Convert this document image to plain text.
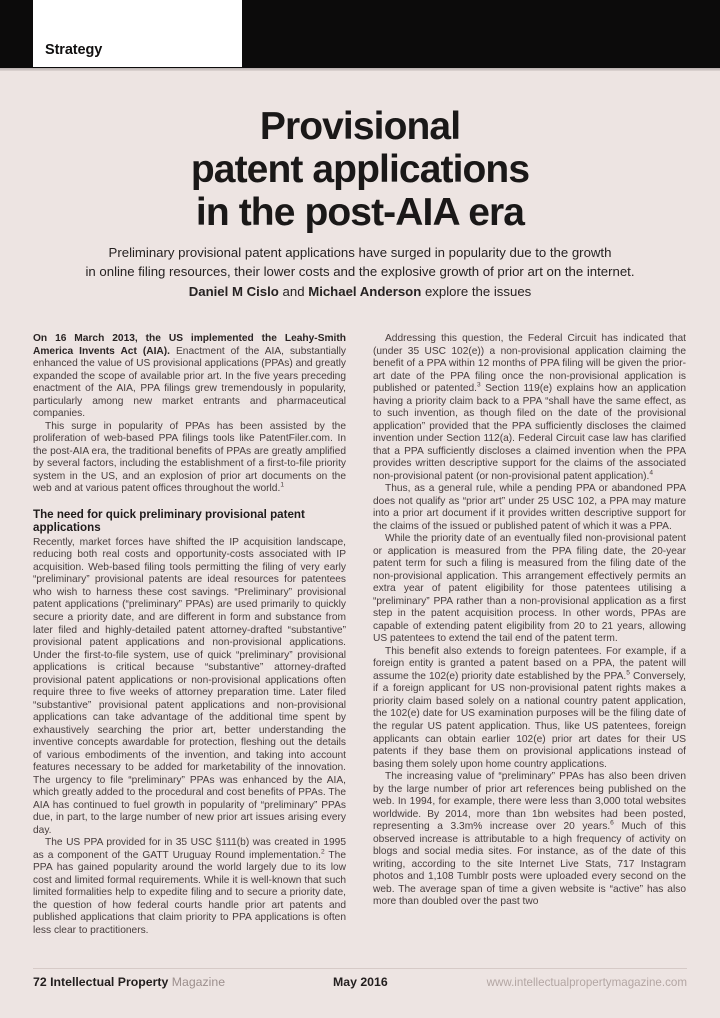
Strategy
Provisional
patent applications
in the post-AIA era
Preliminary provisional patent applications have surged in popularity due to the growth
in online filing resources, their lower costs and the explosive growth of prior art on the internet.
Daniel M Cislo and Michael Anderson explore the issues

On 16 March 2013, the US implemented the Leahy-Smith America Invents Act (AIA). Enactment of the AIA, substantially enhanced the value of US provisional applications (PPAs) and greatly expanded the scope of available prior art. In the five years preceding enactment of the AIA, PPA filings grew tremendously in popularity, particularly among new market entrants and pharmaceutical companies.

This surge in popularity of PPAs has been assisted by the proliferation of web-based PPA filings tools like PatentFiler.com. In the post-AIA era, the traditional benefits of PPAs are greatly amplified by several factors, including the establishment of a first-to-file priority system in the US, and an explosion of prior art documents on the web and at various patent offices throughout the world.$^1$

The need for quick preliminary provisional patent applications

Recently, market forces have shifted the IP acquisition landscape, reducing both real costs and opportunity-costs associated with IP acquisition. Web-based filing tools permitting the filing of very early “preliminary” provisional patents are ideal resources for patentees who wish to harness these cost savings. “Preliminary” provisional patent applications (“preliminary” PPAs) are used primarily to quickly secure a priority date, and are different in form and substance from later filed and highly-detailed patent attorney-drafted “substantive” provisional patent applications and non-provisional applications. Under the first-to-file system, use of quick “preliminary” provisional applications is critical because “substantive” attorney-drafted provisional patent applications or non-provisional applications often require three to five weeks of attorney preparation time. Later filed “substantive” provisional patent applications and non-provisional applications can take advantage of the additional time spent by exhaustively searching the prior art, better understanding the inventive concepts awardable for protection, fleshing out the details of various embodiments of the invention, and taking into account features necessary to be added for marketability of the innovation. The urgency to file “preliminary” PPAs was enhanced by the AIA, which greatly added to the procedural and cost benefits of PPAs. The AIA has continued to fuel growth in popularity of “preliminary” PPAs due, in part, to the large number of new prior art issues arising every day.

The US PPA provided for in 35 USC §111(b) was created in 1995 as a component of the GATT Uruguay Round implementation.$^2$ The PPA has gained popularity around the world largely due to its low cost and limited formal requirements. While it is well-known that such limited formalities help to expedite filing and to secure a priority date, the question of how federal courts handle prior art patents and published applications that claim priority to PPA applications is often less clear to practitioners.

Addressing this question, the Federal Circuit has indicated that (under 35 USC 102(e)) a non-provisional application claiming the benefit of a PPA within 12 months of PPA filing will be given the prior-art date of the PPA filing once the non-provisional application is published or patented.$^3$ Section 119(e) explains how an application having a priority claim back to a PPA “shall have the same effect, as to such invention, as though filed on the date of the provisional application” provided that the PPA sufficiently discloses the claimed invention under Section 112(a). Federal Circuit case law has clarified that a PPA sufficiently discloses a claimed invention when the PPA provides written descriptive support for the claims of the associated non-provisional patent (or non-provisional patent application).$^4$

Thus, as a general rule, while a pending PPA or abandoned PPA does not qualify as “prior art” under 25 USC 102, a PPA may mature into a prior art document if it provides written descriptive support for the claims of the issued or published patent of which it was a PPA.

While the priority date of an eventually filed non-provisional patent or application is measured from the PPA filing date, the 20-year patent term for such a filing is measured from the filing date of the non-provisional application. This arrangement effectively permits an extra year of patent eligibility for those patentees utilising a “preliminary” PPA rather than a non-provisional application as a first step in the patent acquisition process. In other words, PPAs are capable of extending patent eligibility from 20 to 21 years, allowing US patentees to extend the tail end of the patent term.

This benefit also extends to foreign patentees. For example, if a foreign entity is granted a patent based on a PPA, the patent will assume the 102(e) priority date established by the PPA.$^5$ Conversely, if a foreign applicant for US non-provisional patent rights makes a priority claim based solely on a national country patent application, the 102(e) date for US examination purposes will be the filing date of the regular US patent application. Thus, like US patentees, foreign applicants can obtain earlier 102(e) prior art dates for their US patents if they base them on provisional applications instead of basing them solely upon home country applications.

The increasing value of “preliminary” PPAs has also been driven by the large number of prior art references being published on the web. In 1994, for example, there were less than 3,000 total websites worldwide. By 2014, more than 1bn websites had been posted, representing a 3.3m% increase over 20 years.$^6$ Much of this observed increase is attributable to a high frequency of activity on blogs and social media sites. For instance, as of the date of this writing, according to the site Internet Live Stats, 717 Instagram photos and 1,108 Tumblr posts were uploaded every second on the web. The average span of time a given website is “active” has also more than doubled over the past two

72 Intellectual Property Magazine	May 2016	www.intellectualpropertymagazine.com
